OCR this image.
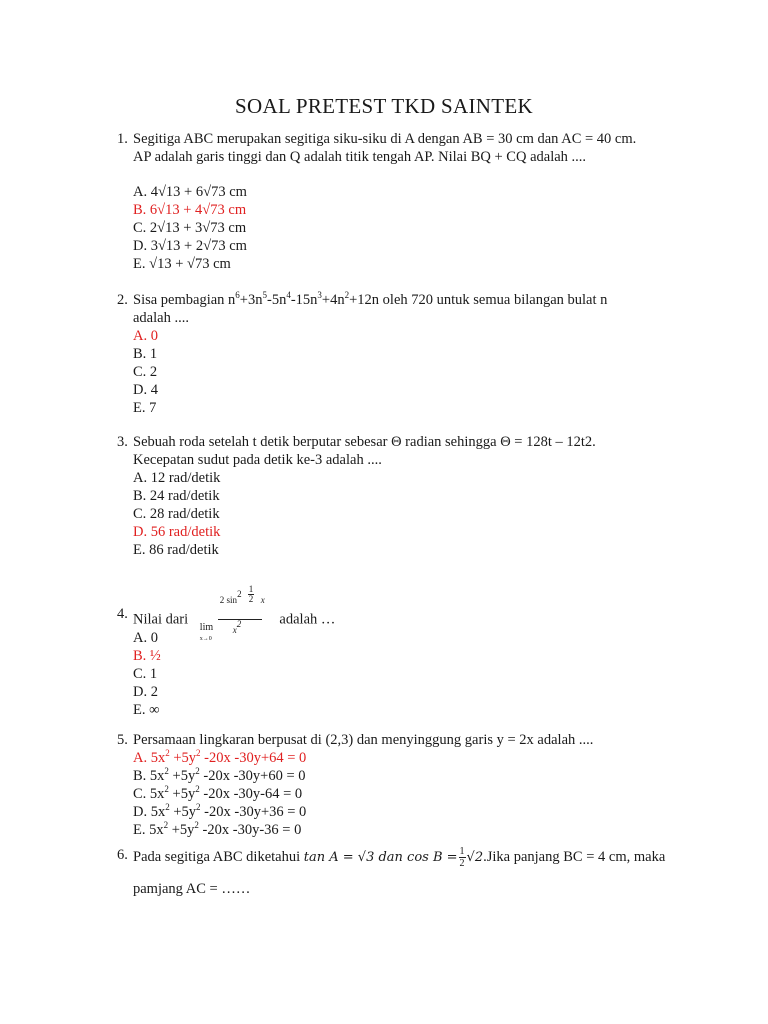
SOAL PRETEST TKD SAINTEK
1. Segitiga ABC merupakan segitiga siku-siku di A dengan AB = 30 cm dan AC = 40 cm.
AP adalah garis tinggi dan Q adalah titik tengah AP. Nilai BQ + CQ adalah ....
A. 4√13 + 6√73 cm
B. 6√13 + 4√73 cm
C. 2√13 + 3√73 cm
D. 3√13 + 2√73 cm
E. √13 + √73 cm
2. Sisa pembagian $n^6+3n^5-5n^4-15n^3+4n^2+12n$ oleh 720 untuk semua bilangan bulat n
adalah ....
A. 0
B. 1
C. 2
D. 4
E. 7
3. Sebuah roda setelah t detik berputar sebesar Θ radian sehingga Θ = 128t – 12t2.
Kecepatan sudut pada detik ke-3 adalah ....
A. 12 rad/detik
B. 24 rad/detik
C. 28 rad/detik
D. 56 rad/detik
E. 86 rad/detik
4. Nilai dari
2 $\sin^2 \frac{1}{2}$ x
lim
x→0
$x^2$	adalah …
A. 0
B. ½
C. 1
D. 2
E. ∞
5. Persamaan lingkaran berpusat di (2,3) dan menyinggung garis y = 2x adalah ....
A. $5x^2 +5y^2$ -20x -30y+64 = 0
B. $5x^2 +5y^2$ -20x -30y+60 = 0
C. $5x^2 +5y^2$ -20x -30y-64 = 0
D. $5x^2 +5y^2$ -20x -30y+36 = 0
E. $5x^2 +5y^2$ -20x -30y-36 = 0
6. Pada segitiga ABC diketahui tan A = √3 dan $\cos B = \frac{1}{2}$ √2.Jika panjang BC = 4 cm, maka
pamjang AC = ……
